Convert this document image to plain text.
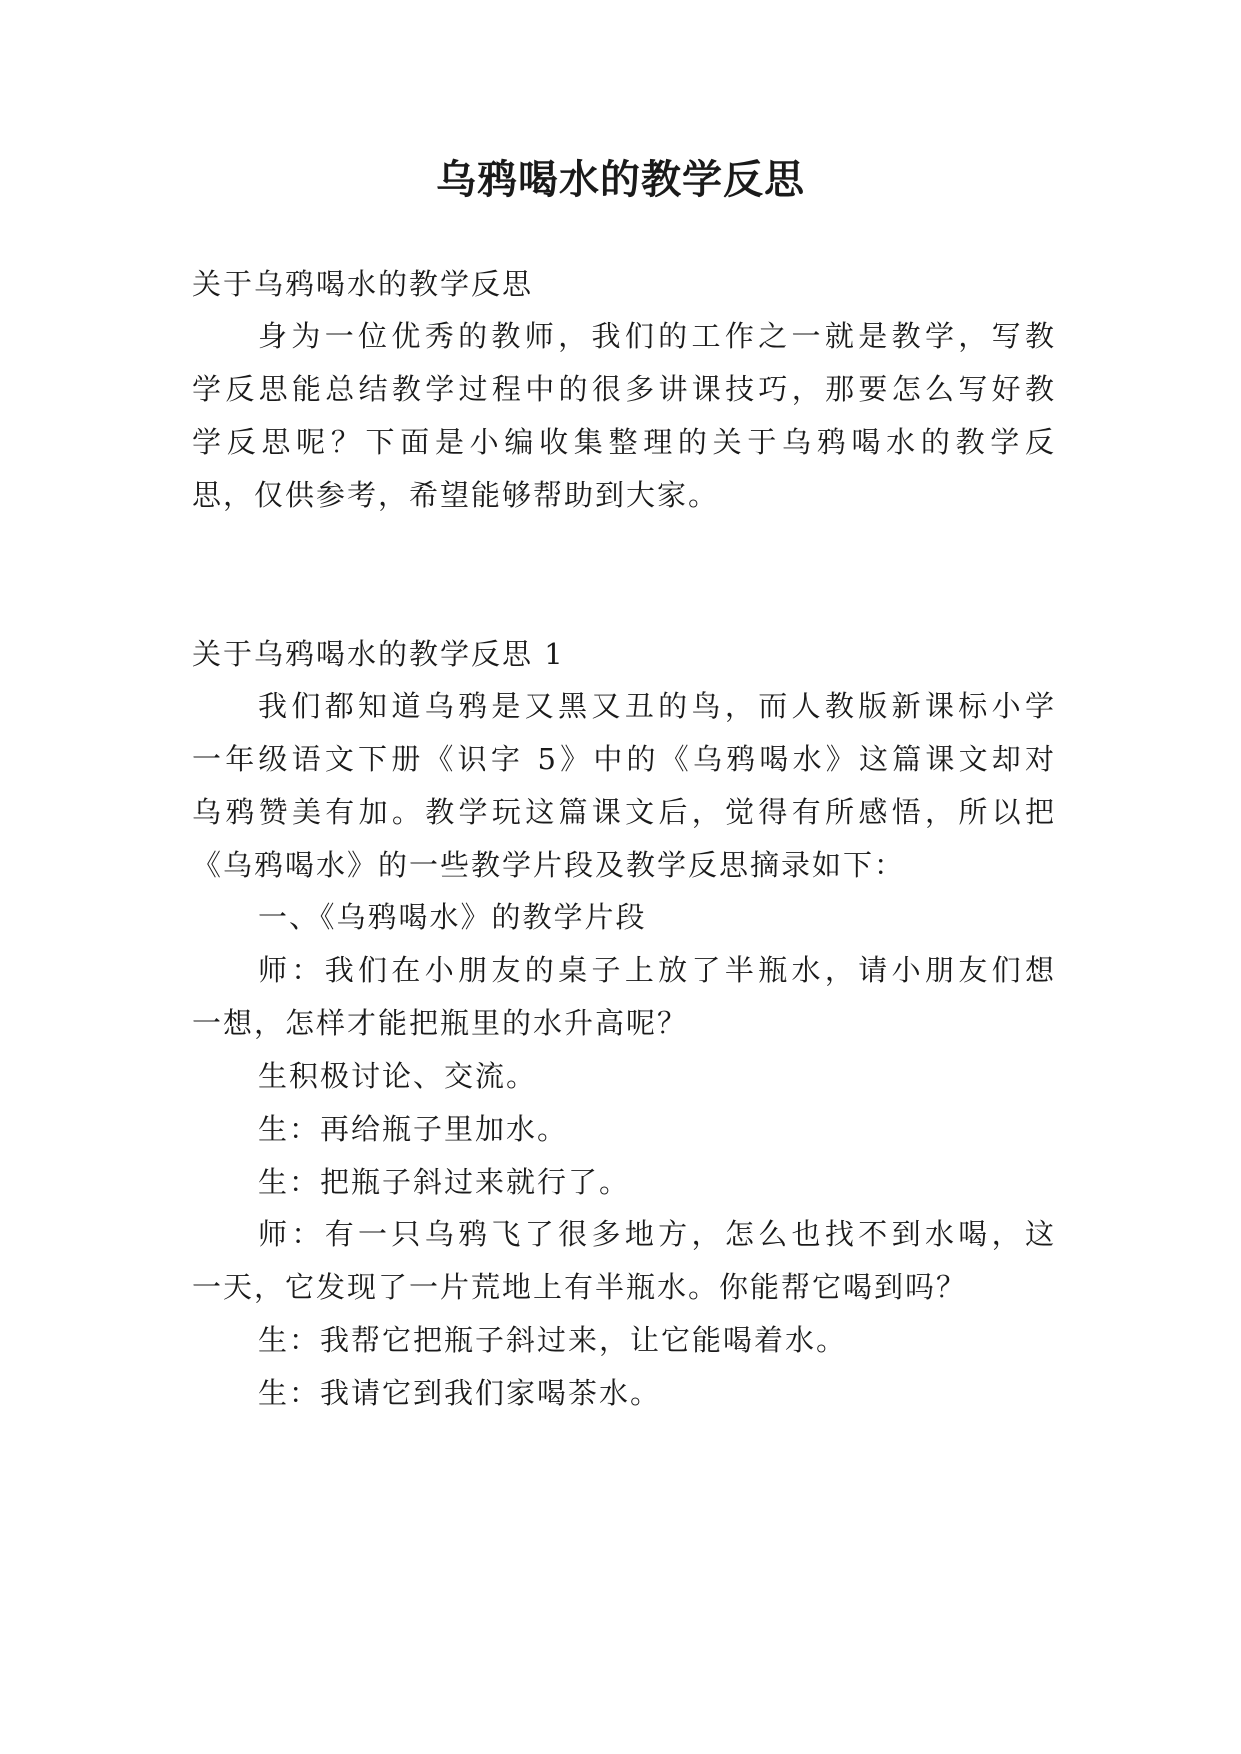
乌鸦喝水的教学反思
关于乌鸦喝水的教学反思
身为一位优秀的教师，我们的工作之一就是教学，写教
学反思能总结教学过程中的很多讲课技巧，那要怎么写好教
学反思呢？下面是小编收集整理的关于乌鸦喝水的教学反
思，仅供参考，希望能够帮助到大家。
关于乌鸦喝水的教学反思 1
我们都知道乌鸦是又黑又丑的鸟，而人教版新课标小学
一年级语文下册《识字 5》中的《乌鸦喝水》这篇课文却对
乌鸦赞美有加。教学玩这篇课文后，觉得有所感悟，所以把
《乌鸦喝水》的一些教学片段及教学反思摘录如下：
一、《乌鸦喝水》的教学片段
师：我们在小朋友的桌子上放了半瓶水，请小朋友们想
一想，怎样才能把瓶里的水升高呢？
生积极讨论、交流。
生：再给瓶子里加水。
生：把瓶子斜过来就行了。
师：有一只乌鸦飞了很多地方，怎么也找不到水喝，这
一天，它发现了一片荒地上有半瓶水。你能帮它喝到吗？
生：我帮它把瓶子斜过来，让它能喝着水。
生：我请它到我们家喝茶水。
